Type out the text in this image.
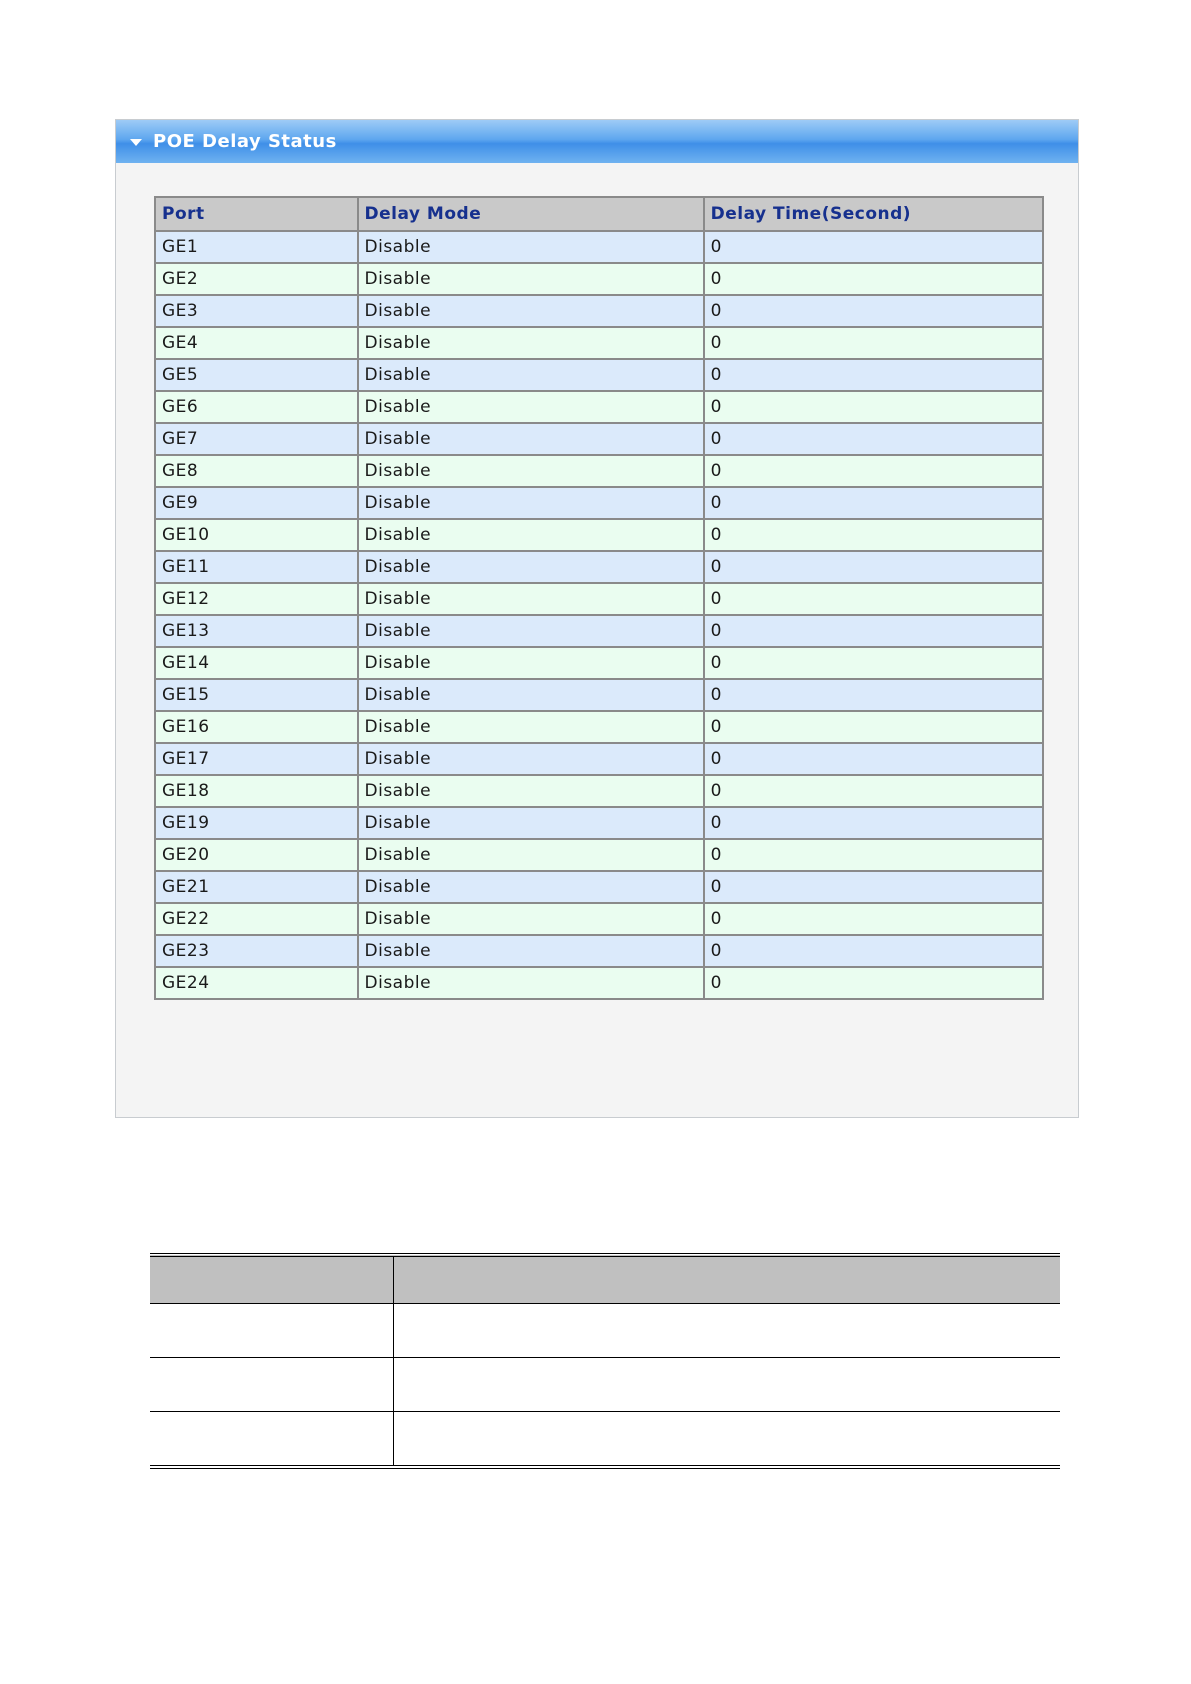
POE Delay Status
Port	Delay Mode	Delay Time(Second)
GE1	Disable	0
GE2	Disable	0
GE3	Disable	0
GE4	Disable	0
GE5	Disable	0
GE6	Disable	0
GE7	Disable	0
GE8	Disable	0
GE9	Disable	0
GE10	Disable	0
GE11	Disable	0
GE12	Disable	0
GE13	Disable	0
GE14	Disable	0
GE15	Disable	0
GE16	Disable	0
GE17	Disable	0
GE18	Disable	0
GE19	Disable	0
GE20	Disable	0
GE21	Disable	0
GE22	Disable	0
GE23	Disable	0
GE24	Disable	0
